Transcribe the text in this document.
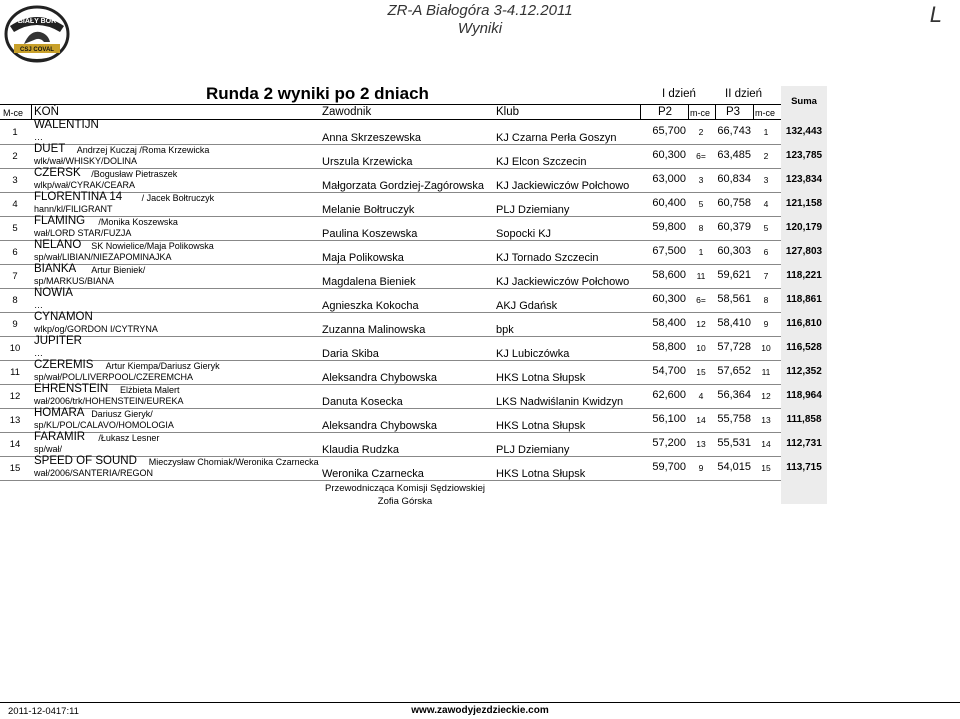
BIAŁY BÓR
CSJ COVAL
ZR-A Białogóra 3-4.12.2011
Wyniki
L
Runda 2 wyniki po 2 dniach	Suma
I dzień	II dzień
M-ce KOŃ	Zawodnik	Klub	P2 m-ce P3 m-ce
1
WALENTIJN
…	Anna Skrzeszewska	KJ Czarna Perła Goszyn
65,700	2	66,743	1	132,443
2
DUET Andrzej Kuczaj /Roma Krzewicka
wlk/wał/WHISKY/DOLINA	Urszula Krzewicka	KJ Elcon Szczecin
60,300	6=	63,485	2	123,785
3
CZERSK /Bogusław Pietraszek
wlkp/wał/CYRAK/CEARA	Małgorzata Gordziej-Zagórowska KJ Jackiewiczów Połchowo
63,000	3	60,834	3	123,834
4
FLORENTINA 14 / Jacek Bołtruczyk
hann/kl/FILIGRANT	Melanie Bołtruczyk	PLJ Dziemiany
60,400	5	60,758	4	121,158
5
FLAMING /Monika Koszewska
wał/LORD STAR/FUZJA	Paulina Koszewska	Sopocki KJ
59,800	8	60,379	5	120,179
6
NELANO SK Nowielice/Maja Polikowska
sp/wał/LIBIAN/NIEZAPOMINAJKA	Maja Polikowska	KJ Tornado Szczecin
67,500	1	60,303	6	127,803
7
BIANKA Artur Bieniek/
sp/MARKUS/BIANA	Magdalena Bieniek	KJ Jackiewiczów Połchowo
58,600	11	59,621	7	118,221
8
NOWIA
…	Agnieszka Kokocha	AKJ Gdańsk
60,300	6=	58,561	8	118,861
9
CYNAMON
wlkp/og/GORDON I/CYTRYNA	Zuzanna Malinowska	bpk
58,400	12	58,410	9	116,810
10
JUPITER
…	Daria Skiba	KJ Lubiczówka
58,800	10	57,728	10	116,528
11
CZEREMIS Artur Kiempa/Dariusz Gieryk
sp/wał/POL/LIVERPOOL/CZEREMCHA	Aleksandra Chybowska	HKS Lotna Słupsk
54,700	15	57,652	11	112,352
12
EHRENSTEIN Elżbieta Malert
wał/2006/trk/HOHENSTEIN/EUREKA	Danuta Kosecka	LKS Nadwiślanin Kwidzyn
62,600	4	56,364	12	118,964
13
HOMARA Dariusz Gieryk/
sp/KL/POL/CALAVO/HOMOLOGIA	Aleksandra Chybowska	HKS Lotna Słupsk
56,100	14	55,758	13	111,858
14
FARAMIR /Łukasz Lesner
sp/wał/	Klaudia Rudzka	PLJ Dziemiany
57,200	13	55,531	14	112,731
15
SPEED OF SOUND Mieczysław Chomiak/Weronika Czarnecka
wał/2006/SANTERIA/REGON	Weronika Czarnecka	HKS Lotna Słupsk
59,700	9	54,015	15	113,715
Przewodnicząca Komisji Sędziowskiej
Zofia Górska
2011-12-0417:11	www.zawodyjezdzieckie.com
